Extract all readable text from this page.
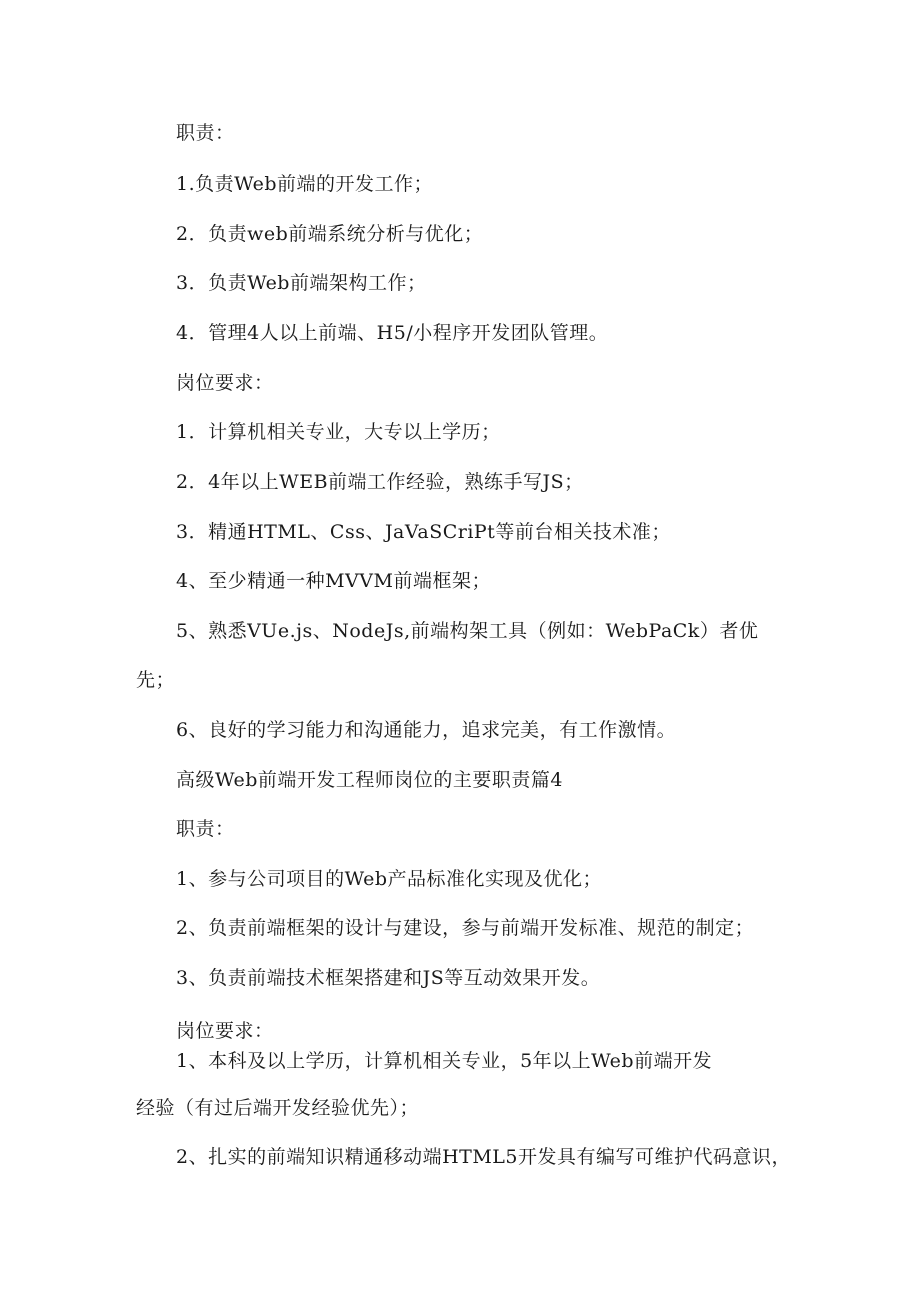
职责：
1.负责Web前端的开发工作；
2．负责web前端系统分析与优化；
3．负责Web前端架构工作；
4．管理4人以上前端、H5/小程序开发团队管理。
岗位要求：
1．计算机相关专业，大专以上学历；
2．4年以上WEB前端工作经验，熟练手写JS；
3．精通HTML、Css、JaVaSCriPt等前台相关技术准；
4、至少精通一种MVVM前端框架；
5、熟悉VUe.js、NodeJs,前端构架工具（例如：WebPaCk）者优
先；
6、良好的学习能力和沟通能力，追求完美，有工作激情。
高级Web前端开发工程师岗位的主要职责篇4
职责：
1、参与公司项目的Web产品标准化实现及优化；
2、负责前端框架的设计与建设，参与前端开发标准、规范的制定；
3、负责前端技术框架搭建和JS等互动效果开发。
岗位要求：
1、本科及以上学历，计算机相关专业，5年以上Web前端开发
经验（有过后端开发经验优先）；
2、扎实的前端知识精通移动端HTML5开发具有编写可维护代码意识，
